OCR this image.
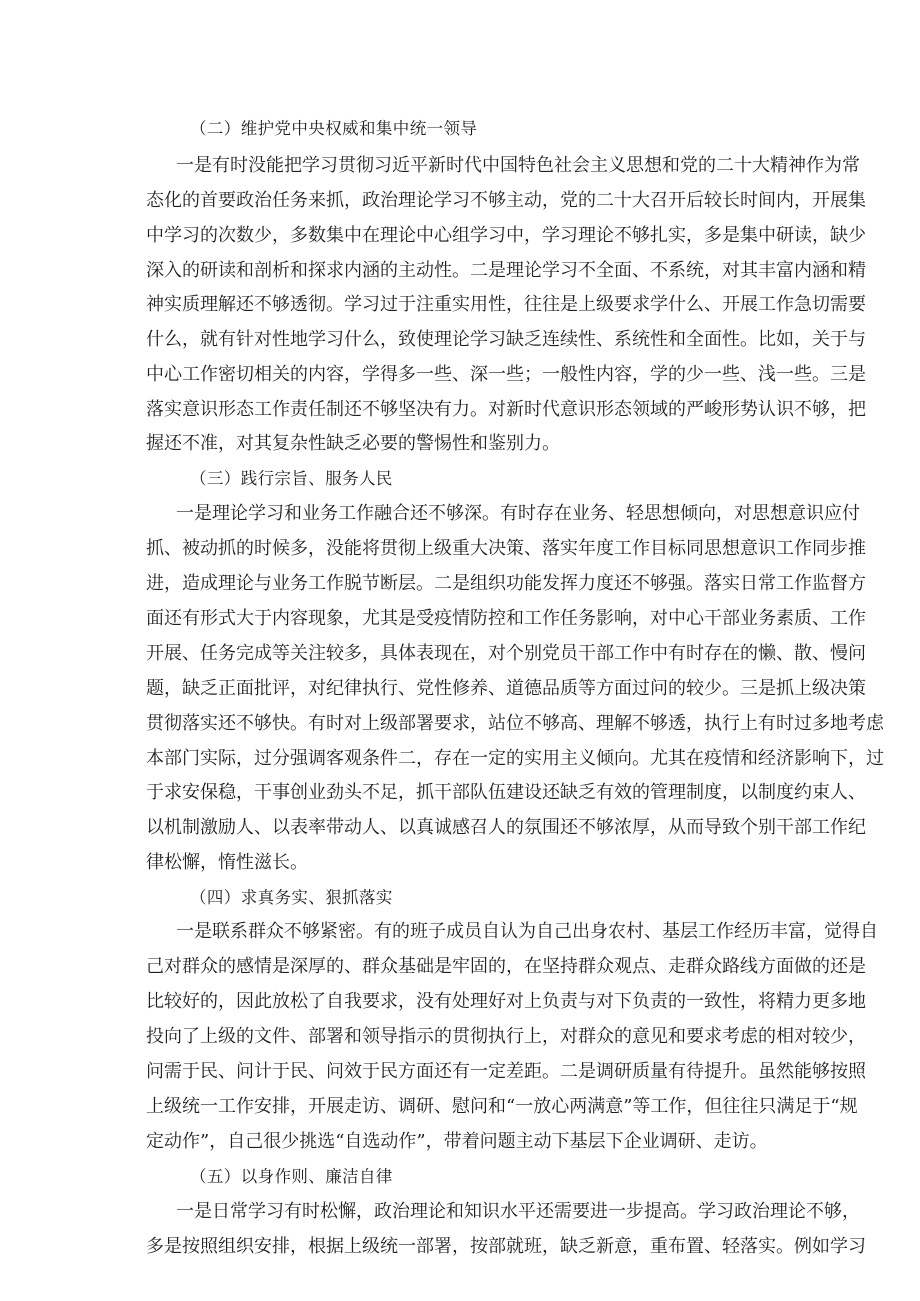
（二）维护党中央权威和集中统一领导
一是有时没能把学习贯彻习近平新时代中国特色社会主义思想和党的二十大精神作为常
态化的首要政治任务来抓，政治理论学习不够主动，党的二十大召开后较长时间内，开展集
中学习的次数少，多数集中在理论中心组学习中，学习理论不够扎实，多是集中研读，缺少
深入的研读和剖析和探求内涵的主动性。二是理论学习不全面、不系统，对其丰富内涵和精
神实质理解还不够透彻。学习过于注重实用性，往往是上级要求学什么、开展工作急切需要
什么，就有针对性地学习什么，致使理论学习缺乏连续性、系统性和全面性。比如，关于与
中心工作密切相关的内容，学得多一些、深一些；一般性内容，学的少一些、浅一些。三是
落实意识形态工作责任制还不够坚决有力。对新时代意识形态领域的严峻形势认识不够，把
握还不准，对其复杂性缺乏必要的警惕性和鉴别力。
（三）践行宗旨、服务人民
一是理论学习和业务工作融合还不够深。有时存在业务、轻思想倾向，对思想意识应付
抓、被动抓的时候多，没能将贯彻上级重大决策、落实年度工作目标同思想意识工作同步推
进，造成理论与业务工作脱节断层。二是组织功能发挥力度还不够强。落实日常工作监督方
面还有形式大于内容现象，尤其是受疫情防控和工作任务影响，对中心干部业务素质、工作
开展、任务完成等关注较多，具体表现在，对个别党员干部工作中有时存在的懒、散、慢问
题，缺乏正面批评，对纪律执行、党性修养、道德品质等方面过问的较少。三是抓上级决策
贯彻落实还不够快。有时对上级部署要求，站位不够高、理解不够透，执行上有时过多地考虑
本部门实际，过分强调客观条件二，存在一定的实用主义倾向。尤其在疫情和经济影响下，过
于求安保稳，干事创业劲头不足，抓干部队伍建设还缺乏有效的管理制度，以制度约束人、
以机制激励人、以表率带动人、以真诚感召人的氛围还不够浓厚，从而导致个别干部工作纪
律松懈，惰性滋长。
（四）求真务实、狠抓落实
一是联系群众不够紧密。有的班子成员自认为自己出身农村、基层工作经历丰富，觉得自
己对群众的感情是深厚的、群众基础是牢固的，在坚持群众观点、走群众路线方面做的还是
比较好的，因此放松了自我要求，没有处理好对上负责与对下负责的一致性，将精力更多地
投向了上级的文件、部署和领导指示的贯彻执行上，对群众的意见和要求考虑的相对较少，
问需于民、问计于民、问效于民方面还有一定差距。二是调研质量有待提升。虽然能够按照
上级统一工作安排，开展走访、调研、慰问和“一放心两满意”等工作，但往往只满足于“规
定动作”，自己很少挑选“自选动作”，带着问题主动下基层下企业调研、走访。
（五）以身作则、廉洁自律
一是日常学习有时松懈，政治理论和知识水平还需要进一步提高。学习政治理论不够，
多是按照组织安排，根据上级统一部署，按部就班，缺乏新意，重布置、轻落实。例如学习
